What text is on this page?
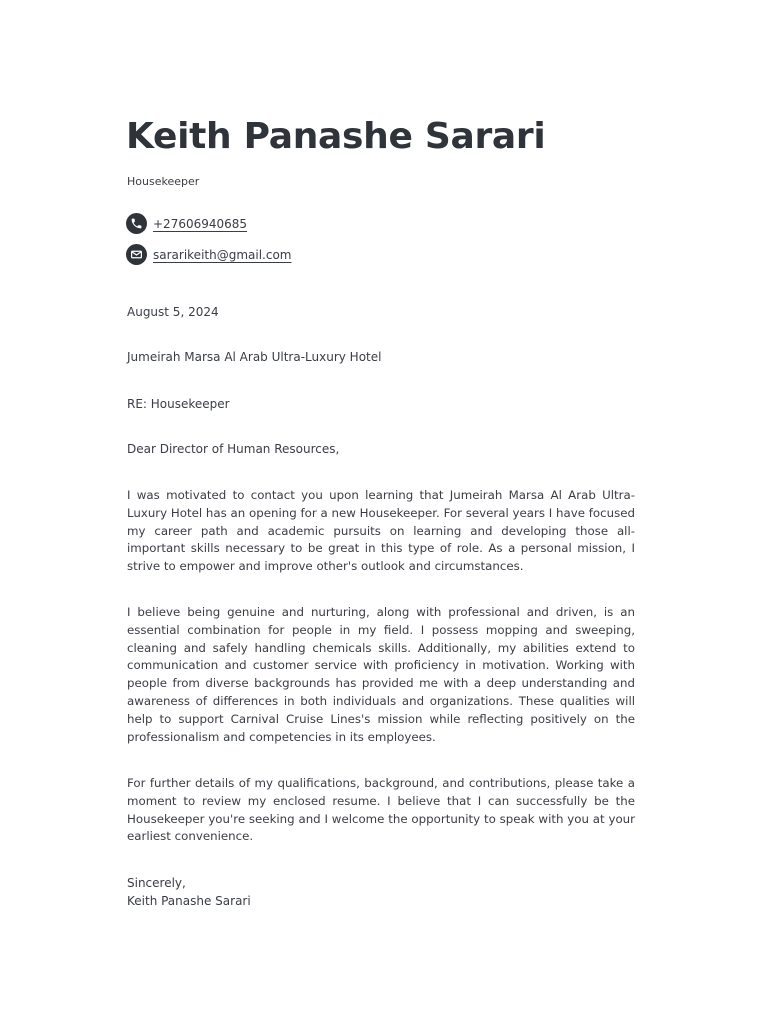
Keith Panashe Sarari
Housekeeper
+27606940685
sararikeith@gmail.com
August 5, 2024
Jumeirah Marsa Al Arab Ultra-Luxury Hotel
RE: Housekeeper
Dear Director of Human Resources,
I was motivated to contact you upon learning that Jumeirah Marsa Al Arab Ultra-Luxury Hotel has an opening for a new Housekeeper. For several years I have focused my career path and academic pursuits on learning and developing those all-important skills necessary to be great in this type of role. As a personal mission, I strive to empower and improve other's outlook and circumstances.
I believe being genuine and nurturing, along with professional and driven, is an essential combination for people in my field. I possess mopping and sweeping, cleaning and safely handling chemicals skills. Additionally, my abilities extend to communication and customer service with proficiency in motivation. Working with people from diverse backgrounds has provided me with a deep understanding and awareness of differences in both individuals and organizations. These qualities will help to support Carnival Cruise Lines's mission while reflecting positively on the professionalism and competencies in its employees.
For further details of my qualifications, background, and contributions, please take a moment to review my enclosed resume. I believe that I can successfully be the Housekeeper you're seeking and I welcome the opportunity to speak with you at your earliest convenience.
Sincerely,
Keith Panashe Sarari
